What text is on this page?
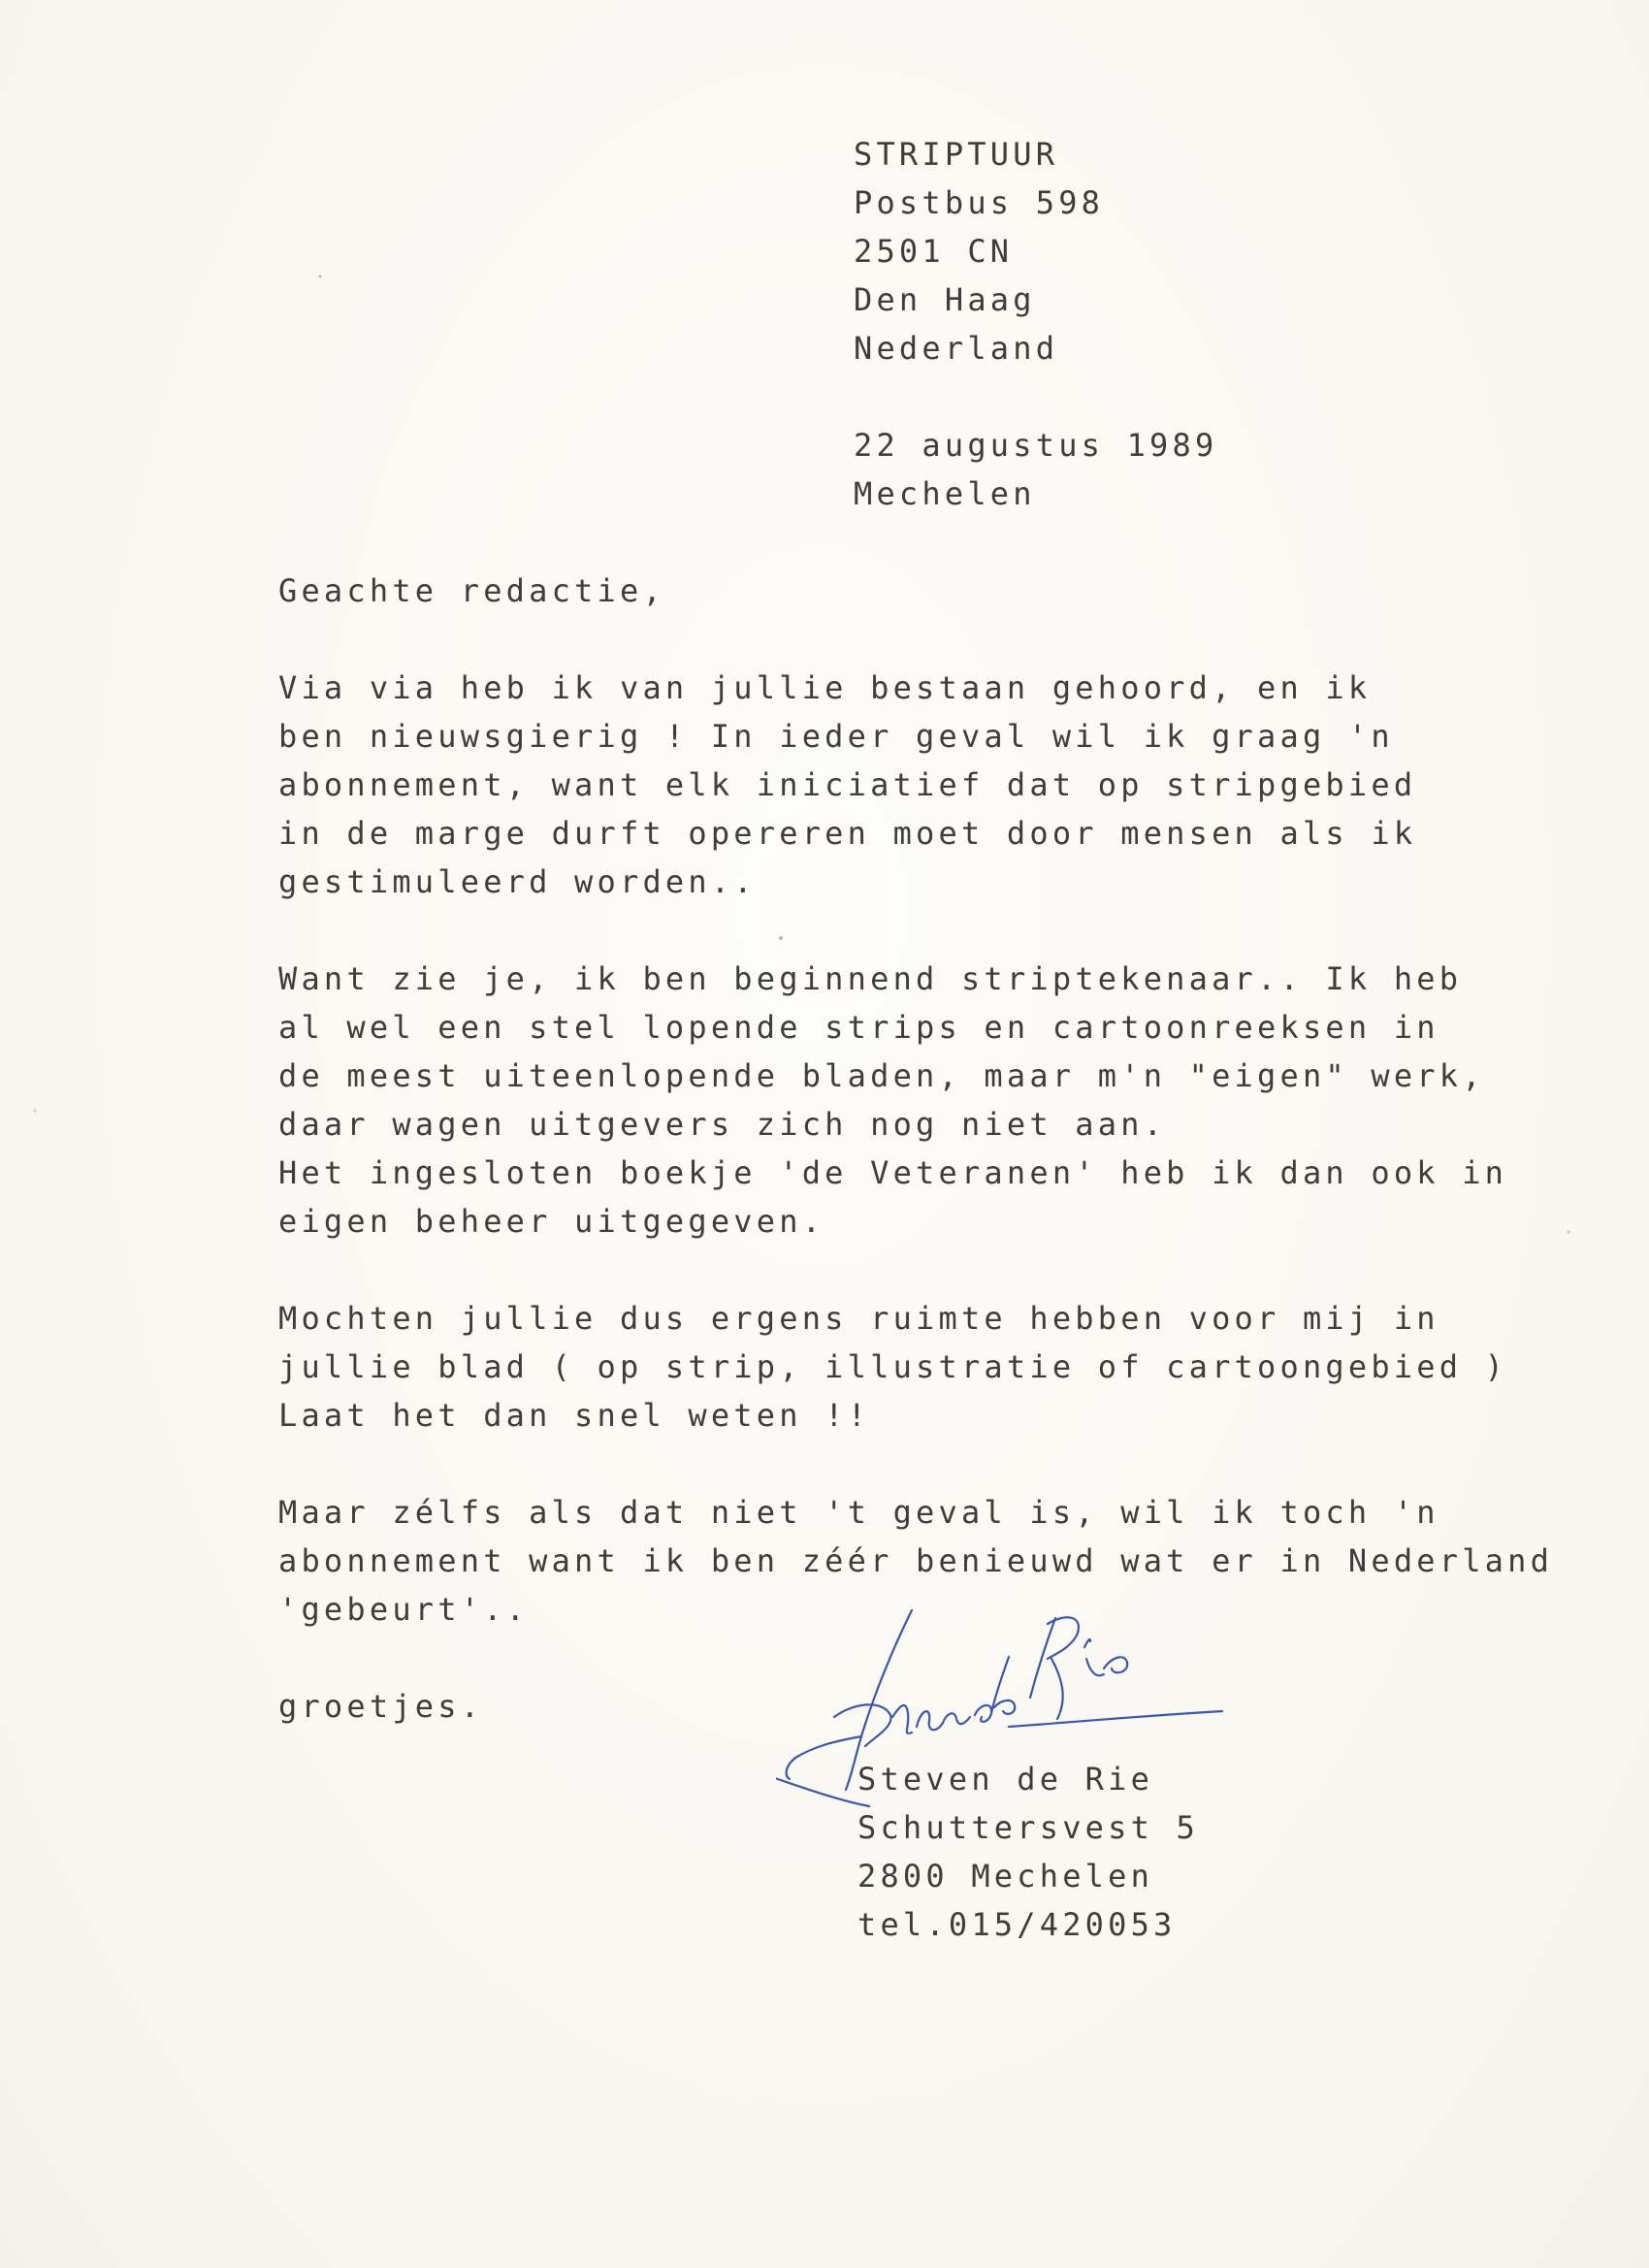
STRIPTUUR
Postbus 598
2501 CN
Den Haag
Nederland
22 augustus 1989
Mechelen
Geachte redactie,
Via via heb ik van jullie bestaan gehoord, en ik
ben nieuwsgierig ! In ieder geval wil ik graag 'n
abonnement, want elk iniciatief dat op stripgebied
in de marge durft opereren moet door mensen als ik
gestimuleerd worden..
Want zie je, ik ben beginnend striptekenaar.. Ik heb
al wel een stel lopende strips en cartoonreeksen in
de meest uiteenlopende bladen, maar m'n "eigen" werk,
daar wagen uitgevers zich nog niet aan.
Het ingesloten boekje 'de Veteranen' heb ik dan ook in
eigen beheer uitgegeven.
Mochten jullie dus ergens ruimte hebben voor mij in
jullie blad ( op strip, illustratie of cartoongebied )
Laat het dan snel weten !!
Maar zélfs als dat niet 't geval is, wil ik toch 'n
abonnement want ik ben zéér benieuwd wat er in Nederland
'gebeurt'..
groetjes.
Steven de Rie
Schuttersvest 5
2800 Mechelen
tel.015/420053
